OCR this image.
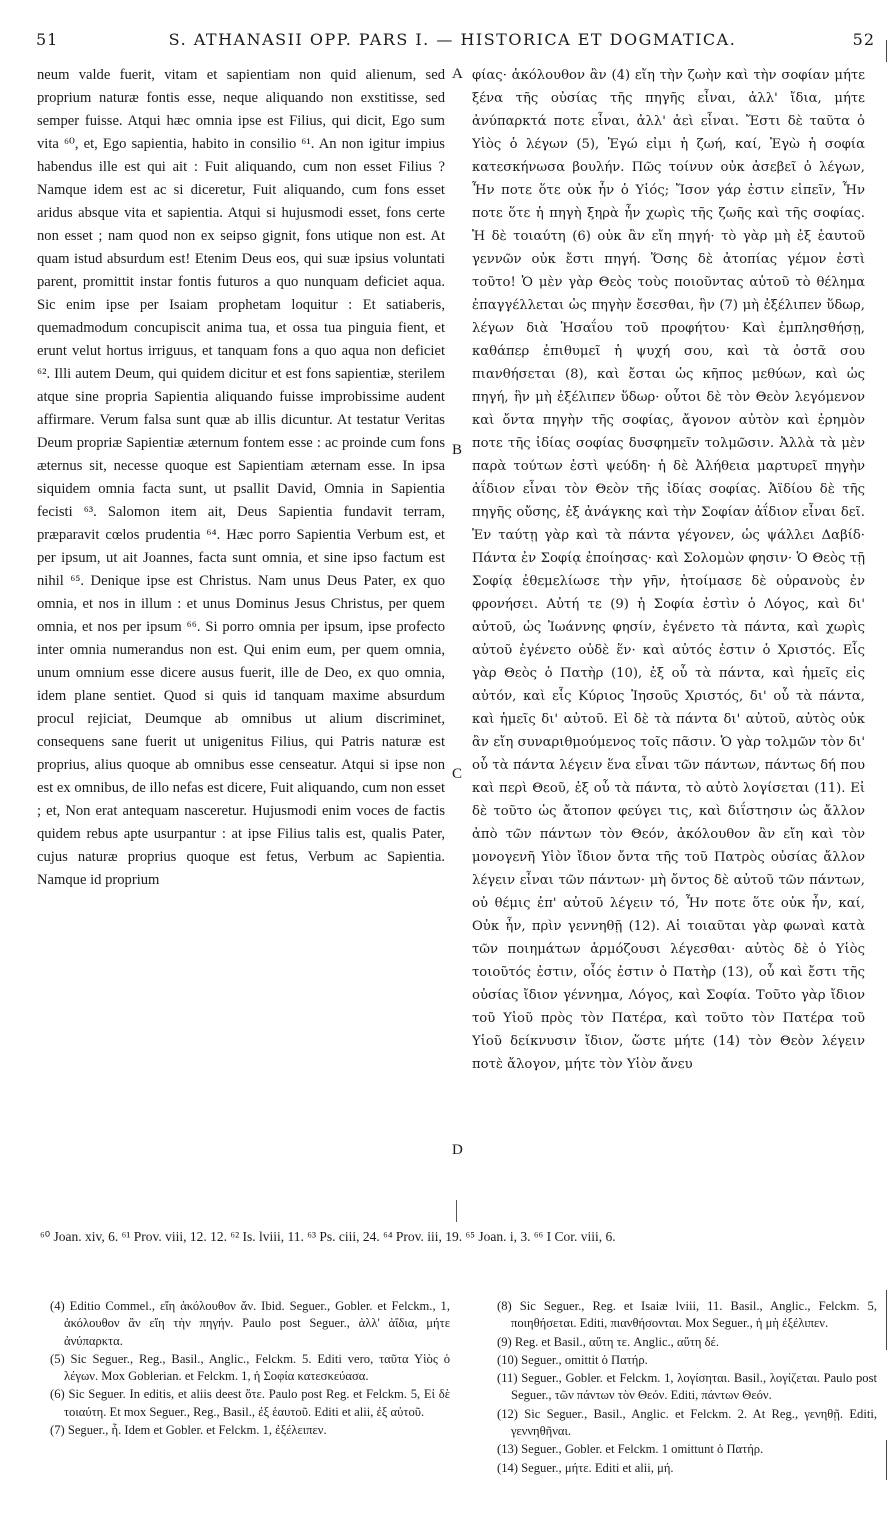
51	S. ATHANASII OPP. PARS I. — HISTORICA ET DOGMATICA.	52

neum valde fuerit, vitam et sapientiam non quid alienum, sed proprium naturæ fontis esse, neque aliquando non exstitisse, sed semper fuisse. Atqui hæc omnia ipse est Filius, qui dicit, Ego sum vita ⁶⁰, et, Ego sapientia, habito in consilio ⁶¹. An non igitur impius habendus ille est qui ait : Fuit aliquando, cum non esset Filius ? Namque idem est ac si diceretur, Fuit aliquando, cum fons esset aridus absque vita et sapientia. Atqui si hujusmodi esset, fons certe non esset ; nam quod non ex seipso gignit, fons utique non est. At quam istud absurdum est! Etenim Deus eos, qui suæ ipsius voluntati parent, promittit instar fontis futuros a quo nunquam deficiet aqua. Sic enim ipse per Isaiam prophetam loquitur : Et satiaberis, quemadmodum concupiscit anima tua, et ossa tua pinguia fient, et erunt velut hortus irriguus, et tanquam fons a quo aqua non deficiet ⁶². Illi autem Deum, qui quidem dicitur et est fons sapientiæ, sterilem atque sine propria Sapientia aliquando fuisse improbissime audent affirmare. Verum falsa sunt quæ ab illis dicuntur. At testatur Veritas Deum propriæ Sapientiæ æternum fontem esse : ac proinde cum fons æternus sit, necesse quoque est Sapientiam æternam esse. In ipsa siquidem omnia facta sunt, ut psallit David, Omnia in Sapientia fecisti ⁶³. Salomon item ait, Deus Sapientia fundavit terram, præparavit cœlos prudentia ⁶⁴. Hæc porro Sapientia Verbum est, et per ipsum, ut ait Joannes, facta sunt omnia, et sine ipso factum est nihil ⁶⁵. Denique ipse est Christus. Nam unus Deus Pater, ex quo omnia, et nos in illum : et unus Dominus Jesus Christus, per quem omnia, et nos per ipsum ⁶⁶. Si porro omnia per ipsum, ipse profecto inter omnia numerandus non est. Qui enim eum, per quem omnia, unum omnium esse dicere ausus fuerit, ille de Deo, ex quo omnia, idem plane sentiet. Quod si quis id tanquam maxime absurdum procul rejiciat, Deumque ab omnibus ut alium discriminet, consequens sane fuerit ut unigenitus Filius, qui Patris naturæ est proprius, alius quoque ab omnibus esse censeatur. Atqui si ipse non est ex omnibus, de illo nefas est dicere, Fuit aliquando, cum non esset ; et, Non erat antequam nasceretur. Hujusmodi enim voces de factis quidem rebus apte usurpantur : at ipse Filius talis est, qualis Pater, cujus naturæ proprius quoque est fetus, Verbum ac Sapientia. Namque id proprium

φίας· ἀκόλουθον ἂν (4) εἴη τὴν ζωὴν καὶ τὴν σοφίαν μήτε ξένα τῆς οὐσίας τῆς πηγῆς εἶναι, ἀλλ' ἴδια, μήτε ἀνύπαρκτά ποτε εἶναι, ἀλλ' ἀεὶ εἶναι. Ἔστι δὲ ταῦτα ὁ Υἱὸς ὁ λέγων (5), Ἐγώ εἰμι ἡ ζωή, καί, Ἐγὼ ἡ σοφία κατεσκήνωσα βουλήν. Πῶς τοίνυν οὐκ ἀσεβεῖ ὁ λέγων, Ἦν ποτε ὅτε οὐκ ἦν ὁ Υἱός; Ἴσον γάρ ἐστιν εἰπεῖν, Ἦν ποτε ὅτε ἡ πηγὴ ξηρὰ ἦν χωρὶς τῆς ζωῆς καὶ τῆς σοφίας. Ἡ δὲ τοιαύτη (6) οὐκ ἂν εἴη πηγή· τὸ γὰρ μὴ ἐξ ἑαυτοῦ γεννῶν οὐκ ἔστι πηγή. Ὅσης δὲ ἀτοπίας γέμον ἐστὶ τοῦτο! Ὁ μὲν γὰρ Θεὸς τοὺς ποιοῦντας αὐτοῦ τὸ θέλημα ἐπαγγέλλεται ὡς πηγὴν ἔσεσθαι, ἣν (7) μὴ ἐξέλιπεν ὕδωρ, λέγων διὰ Ἡσαΐου τοῦ προφήτου· Καὶ ἐμπλησθήσῃ, καθάπερ ἐπιθυμεῖ ἡ ψυχή σου, καὶ τὰ ὀστᾶ σου πιανθήσεται (8), καὶ ἔσται ὡς κῆπος μεθύων, καὶ ὡς πηγή, ἣν μὴ ἐξέλιπεν ὕδωρ· οὗτοι δὲ τὸν Θεὸν λεγόμενον καὶ ὄντα πηγὴν τῆς σοφίας, ἄγονον αὐτὸν καὶ ἐρημὸν ποτε τῆς ἰδίας σοφίας δυσφημεῖν τολμῶσιν. Ἀλλὰ τὰ μὲν παρὰ τούτων ἐστὶ ψεύδη· ἡ δὲ Ἀλήθεια μαρτυρεῖ πηγὴν ἀΐδιον εἶναι τὸν Θεὸν τῆς ἰδίας σοφίας. Ἀϊδίου δὲ τῆς πηγῆς οὔσης, ἐξ ἀνάγκης καὶ τὴν Σοφίαν ἀΐδιον εἶναι δεῖ. Ἐν ταύτῃ γὰρ καὶ τὰ πάντα γέγονεν, ὡς ψάλλει Δαβίδ· Πάντα ἐν Σοφίᾳ ἐποίησας· καὶ Σολομὼν φησιν· Ὁ Θεὸς τῇ Σοφίᾳ ἐθεμελίωσε τὴν γῆν, ἡτοίμασε δὲ οὐρανοὺς ἐν φρονήσει. Αὐτή τε (9) ἡ Σοφία ἐστὶν ὁ Λόγος, καὶ δι' αὐτοῦ, ὡς Ἰωάννης φησίν, ἐγένετο τὰ πάντα, καὶ χωρὶς αὐτοῦ ἐγένετο οὐδὲ ἕν· καὶ αὐτός ἐστιν ὁ Χριστός. Εἷς γὰρ Θεὸς ὁ Πατὴρ (10), ἐξ οὗ τὰ πάντα, καὶ ἡμεῖς εἰς αὐτόν, καὶ εἷς Κύριος Ἰησοῦς Χριστός, δι' οὗ τὰ πάντα, καὶ ἡμεῖς δι' αὐτοῦ. Εἰ δὲ τὰ πάντα δι' αὐτοῦ, αὐτὸς οὐκ ἂν εἴη συναριθμούμενος τοῖς πᾶσιν. Ὁ γὰρ τολμῶν τὸν δι' οὗ τὰ πάντα λέγειν ἕνα εἶναι τῶν πάντων, πάντως δή που καὶ περὶ Θεοῦ, ἐξ οὗ τὰ πάντα, τὸ αὐτὸ λογίσεται (11). Εἰ δὲ τοῦτο ὡς ἄτοπον φεύγει τις, καὶ διΐστησιν ὡς ἄλλον ἀπὸ τῶν πάντων τὸν Θεόν, ἀκόλουθον ἂν εἴη καὶ τὸν μονογενῆ Υἱὸν ἴδιον ὄντα τῆς τοῦ Πατρὸς οὐσίας ἄλλον λέγειν εἶναι τῶν πάντων· μὴ ὄντος δὲ αὐτοῦ τῶν πάντων, οὐ θέμις ἐπ' αὐτοῦ λέγειν τό, Ἦν ποτε ὅτε οὐκ ἦν, καί, Οὐκ ἦν, πρὶν γεννηθῇ (12). Αἱ τοιαῦται γὰρ φωναὶ κατὰ τῶν ποιημάτων ἁρμόζουσι λέγεσθαι· αὐτὸς δὲ ὁ Υἱὸς τοιοῦτός ἐστιν, οἷός ἐστιν ὁ Πατὴρ (13), οὗ καὶ ἔστι τῆς οὐσίας ἴδιον γέννημα, Λόγος, καὶ Σοφία. Τοῦτο γὰρ ἴδιον τοῦ Υἱοῦ πρὸς τὸν Πατέρα, καὶ τοῦτο τὸν Πατέρα τοῦ Υἱοῦ δείκνυσιν ἴδιον, ὥστε μήτε (14) τὸν Θεὸν λέγειν ποτὲ ἄλογον, μήτε τὸν Υἱὸν ἄνευ

A
B
C
D
⁶⁰ Joan. xiv, 6. ⁶¹ Prov. viii, 12. 12. ⁶² Is. lviii, 11. ⁶³ Ps. ciii, 24. ⁶⁴ Prov. iii, 19. ⁶⁵ Joan. i, 3. ⁶⁶ I Cor. viii, 6.

(4) Editio Commel., εἴη ἀκόλουθον ἄν. Ibid. Seguer., Gobler. et Felckm., 1, ἀκόλουθον ἂν εἴη τὴν πηγήν. Paulo post Seguer., ἀλλ' ἀΐδια, μήτε ἀνύπαρκτα.

(5) Sic Seguer., Reg., Basil., Anglic., Felckm. 5. Editi vero, ταῦτα Υἱὸς ὁ λέγων. Mox Goblerian. et Felckm. 1, ἡ Σοφία κατεσκεύασα.

(6) Sic Seguer. In editis, et aliis deest ὅτε. Paulo post Reg. et Felckm. 5, Εἰ δὲ τοιαύτη. Et mox Seguer., Reg., Basil., ἐξ ἑαυτοῦ. Editi et alii, ἐξ αὐτοῦ.

(7) Seguer., ἧ. Idem et Gobler. et Felckm. 1, ἐξέλειπεν.

(8) Sic Seguer., Reg. et Isaiæ lviii, 11. Basil., Anglic., Felckm. 5, ποιηθήσεται. Editi, πιανθήσονται. Mox Seguer., ἡ μὴ ἐξέλιπεν.

(9) Reg. et Basil., αὕτη τε. Anglic., αὕτη δέ.

(10) Seguer., omittit ὁ Πατήρ.

(11) Seguer., Gobler. et Felckm. 1, λογίσηται. Basil., λογίζεται. Paulo post Seguer., τῶν πάντων τὸν Θεόν. Editi, πάντων Θεόν.

(12) Sic Seguer., Basil., Anglic. et Felckm. 2. At Reg., γενηθῇ. Editi, γεννηθῆναι.

(13) Seguer., Gobler. et Felckm. 1 omittunt ὁ Πατήρ.

(14) Seguer., μήτε. Editi et alii, μή.
